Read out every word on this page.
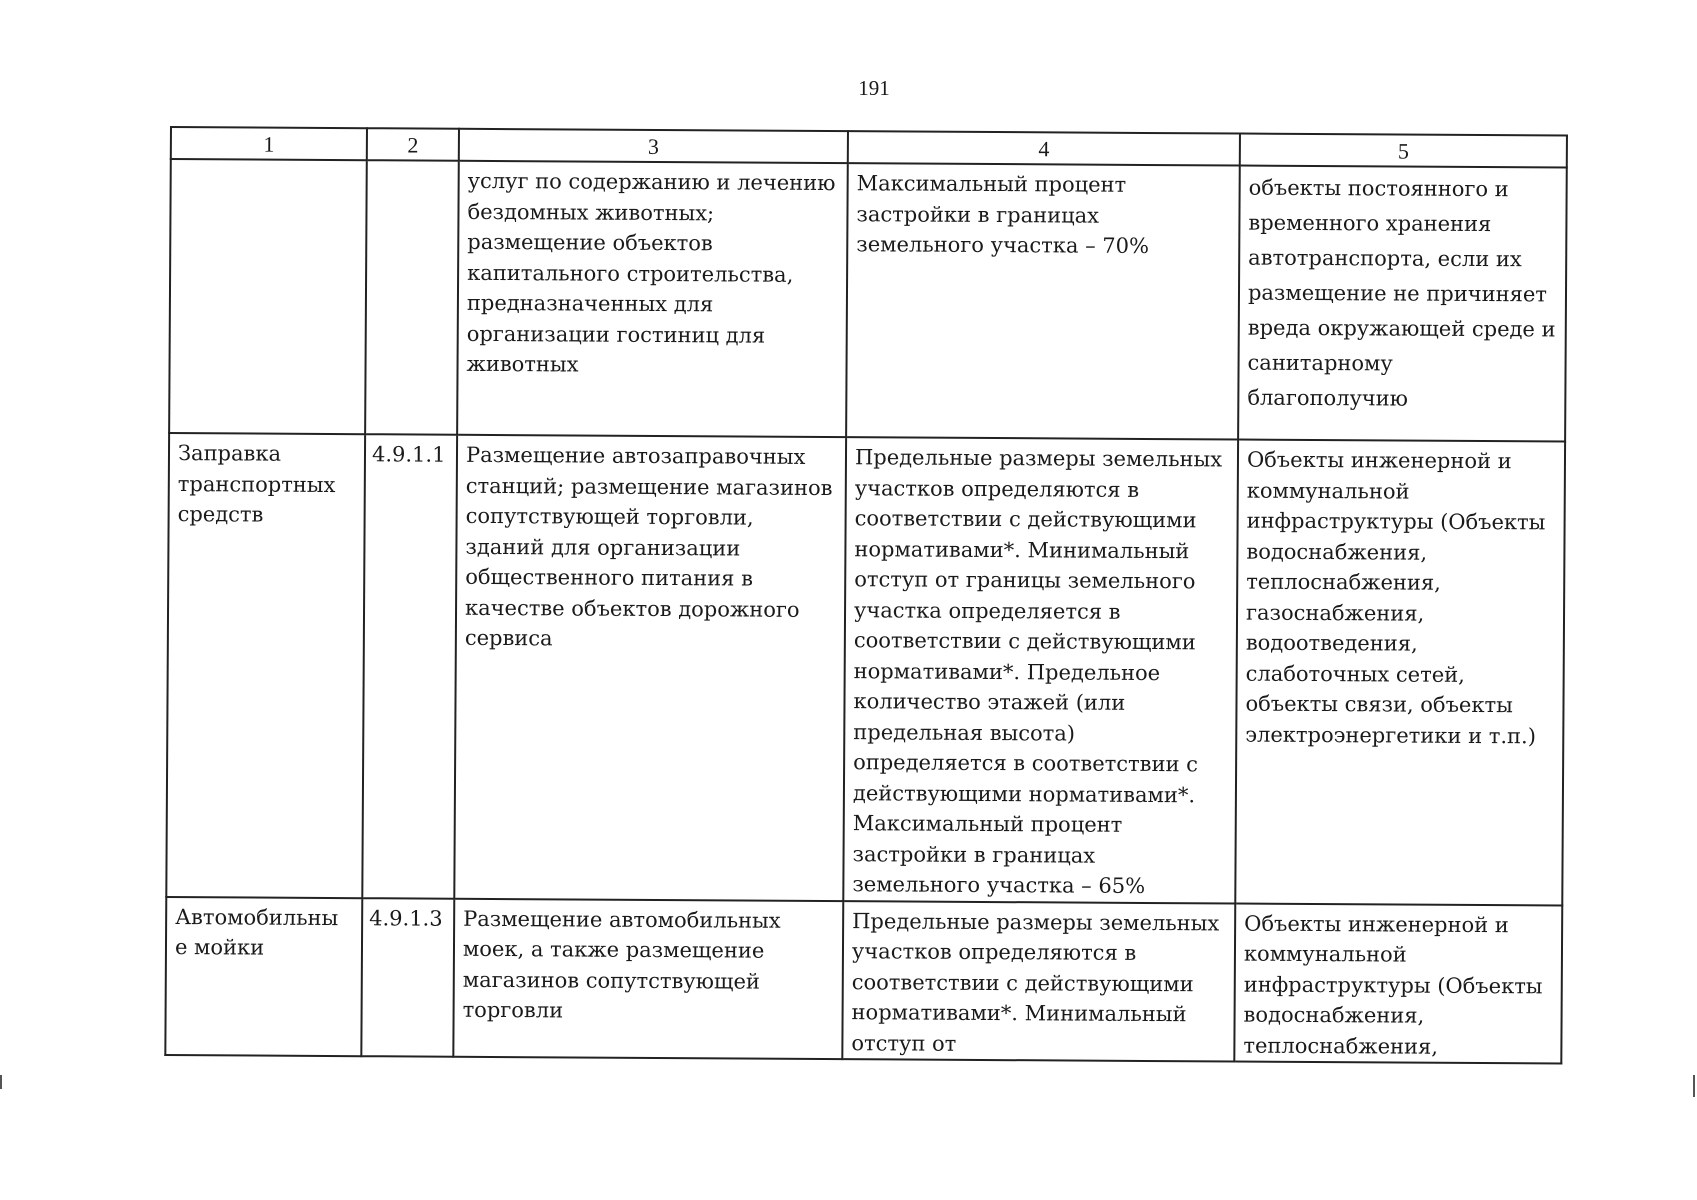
191
1	2	3	4	5
		услуг по содержанию и лечению бездомных животных; размещение объектов капитального строительства, предназначенных для организации гостиниц для животных	Максимальный процент застройки в границах земельного участка – 70%	объекты постоянного и временного хранения автотранспорта, если их размещение не причиняет вреда окружающей среде и санитарному благополучию
Заправка транспортных средств	4.9.1.1	Размещение автозаправочных станций; размещение магазинов сопутствующей торговли, зданий для организации общественного питания в качестве объектов дорожного сервиса	Предельные размеры земельных участков определяются в соответствии с действующими нормативами*. Минимальный отступ от границы земельного участка определяется в соответствии с действующими нормативами*. Предельное количество этажей (или предельная высота) определяется в соответствии с действующими нормативами*. Максимальный процент застройки в границах земельного участка – 65%	Объекты инженерной и коммунальной инфраструктуры (Объекты водоснабжения, теплоснабжения, газоснабжения, водоотведения, слаботочных сетей, объекты связи, объекты электроэнергетики и т.п.)
Автомобильны е мойки	4.9.1.3	Размещение автомобильных моек, а также размещение магазинов сопутствующей торговли	Предельные размеры земельных участков определяются в соответствии с действующими нормативами*. Минимальный отступ от	Объекты инженерной и коммунальной инфраструктуры (Объекты водоснабжения, теплоснабжения,
